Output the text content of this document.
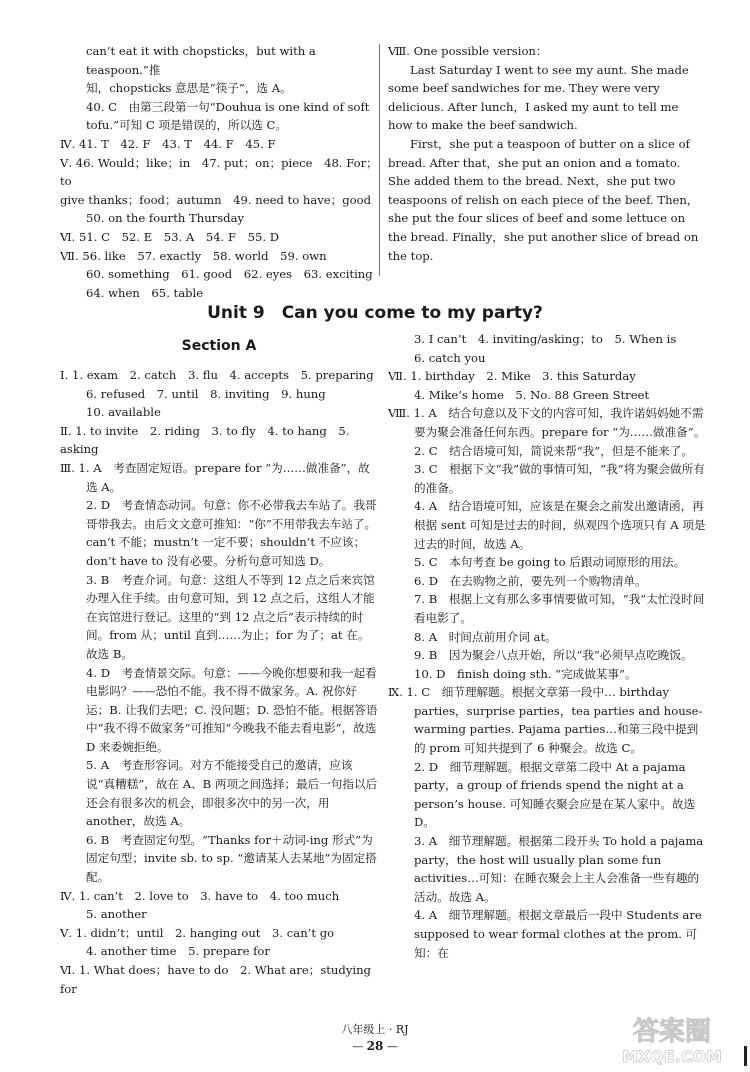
can’t eat it with chopsticks，but with a teaspoon.”推

知，chopsticks 意思是“筷子”，选 A。

40. C　由第三段第一句“Douhua is one kind of soft

tofu.”可知 C 项是错误的，所以选 C。

Ⅳ. 41. T　42. F　43. T　44. F　45. F

Ⅴ. 46. Would；like；in　47. put；on；piece　48. For；to

give thanks；food；autumn　49. need to have；good

50. on the fourth Thursday

Ⅵ. 51. C　52. E　53. A　54. F　55. D

Ⅶ. 56. like　57. exactly　58. world　59. own

60. something　61. good　62. eyes　63. exciting

64. when　65. table

Ⅷ. One possible version：

Last Saturday I went to see my aunt. She made some beef sandwiches for me. They were very delicious. After lunch，I asked my aunt to tell me how to make the beef sandwich.

First，she put a teaspoon of butter on a slice of bread. After that，she put an onion and a tomato. She added them to the bread. Next，she put two teaspoons of relish on each piece of the beef. Then，she put the four slices of beef and some lettuce on the bread. Finally，she put another slice of bread on the top.

Unit 9　Can you come to my party?
Section A

Ⅰ. 1. exam　2. catch　3. flu　4. accepts　5. preparing

6. refused　7. until　8. inviting　9. hung

10. available

Ⅱ. 1. to invite　2. riding　3. to fly　4. to hang　5. asking

Ⅲ. 1. A　考查固定短语。prepare for “为……做准备”，故选 A。

2. D　考查情态动词。句意：你不必带我去车站了。我哥哥带我去。由后文文意可推知：“你”不用带我去车站了。can’t 不能；mustn’t 一定不要；shouldn’t 不应该；don’t have to 没有必要。分析句意可知选 D。

3. B　考查介词。句意：这组人不等到 12 点之后来宾馆办理入住手续。由句意可知，到 12 点之后，这组人才能在宾馆进行登记。这里的“到 12 点之后”表示持续的时间。from 从；until 直到……为止；for 为了；at 在。故选 B。

4. D　考查情景交际。句意：——今晚你想要和我一起看电影吗？——恐怕不能。我不得不做家务。A. 祝你好运；B. 让我们去吧；C. 没问题；D. 恐怕不能。根据答语中“我不得不做家务”可推知“今晚我不能去看电影”，故选 D 来委婉拒绝。

5. A　考查形容词。对方不能接受自己的邀请，应该说“真糟糕”，故在 A、B 两项之间选择；最后一句指以后还会有很多次的机会，即很多次中的另一次，用 another，故选 A。

6. B　考查固定句型。“Thanks for＋动词-ing 形式”为固定句型；invite sb. to sp. “邀请某人去某地”为固定搭配。

Ⅳ. 1. can’t　2. love to　3. have to　4. too much

5. another

Ⅴ. 1. didn’t；until　2. hanging out　3. can’t go

4. another time　5. prepare for

Ⅵ. 1. What does；have to do　2. What are；studying for

3. I can’t　4. inviting/asking；to　5. When is

6. catch you

Ⅶ. 1. birthday　2. Mike　3. this Saturday

4. Mike’s home　5. No. 88 Green Street

Ⅷ. 1. A　结合句意以及下文的内容可知，我许诺妈妈她不需要为聚会准备任何东西。prepare for “为……做准备”。

2. C　结合语境可知，简说来帮“我”，但是不能来了。

3. C　根据下文“我”做的事情可知，“我”将为聚会做所有的准备。

4. A　结合语境可知，应该是在聚会之前发出邀请函，再根据 sent 可知是过去的时间，纵观四个选项只有 A 项是过去的时间，故选 A。

5. C　本句考查 be going to 后跟动词原形的用法。

6. D　在去购物之前，要先列一个购物清单。

7. B　根据上文有那么多事情要做可知，“我”太忙没时间看电影了。

8. A　时间点前用介词 at。

9. B　因为聚会八点开始，所以“我”必须早点吃晚饭。

10. D　finish doing sth. “完成做某事”。

Ⅸ. 1. C　细节理解题。根据文章第一段中… birthday parties，surprise parties，tea parties and house-warming parties. Pajama parties…和第三段中提到的 prom 可知共提到了 6 种聚会。故选 C。

2. D　细节理解题。根据文章第二段中 At a pajama party，a group of friends spend the night at a person’s house. 可知睡衣聚会应是在某人家中。故选 D。

3. A　细节理解题。根据第二段开头 To hold a pajama party，the host will usually plan some fun activities…可知：在睡衣聚会上主人会准备一些有趣的活动。故选 A。

4. A　细节理解题。根据文章最后一段中 Students are supposed to wear formal clothes at the prom. 可知：在

八年级上 · RJ
— 28 —	答案圈
MXQE.COM
